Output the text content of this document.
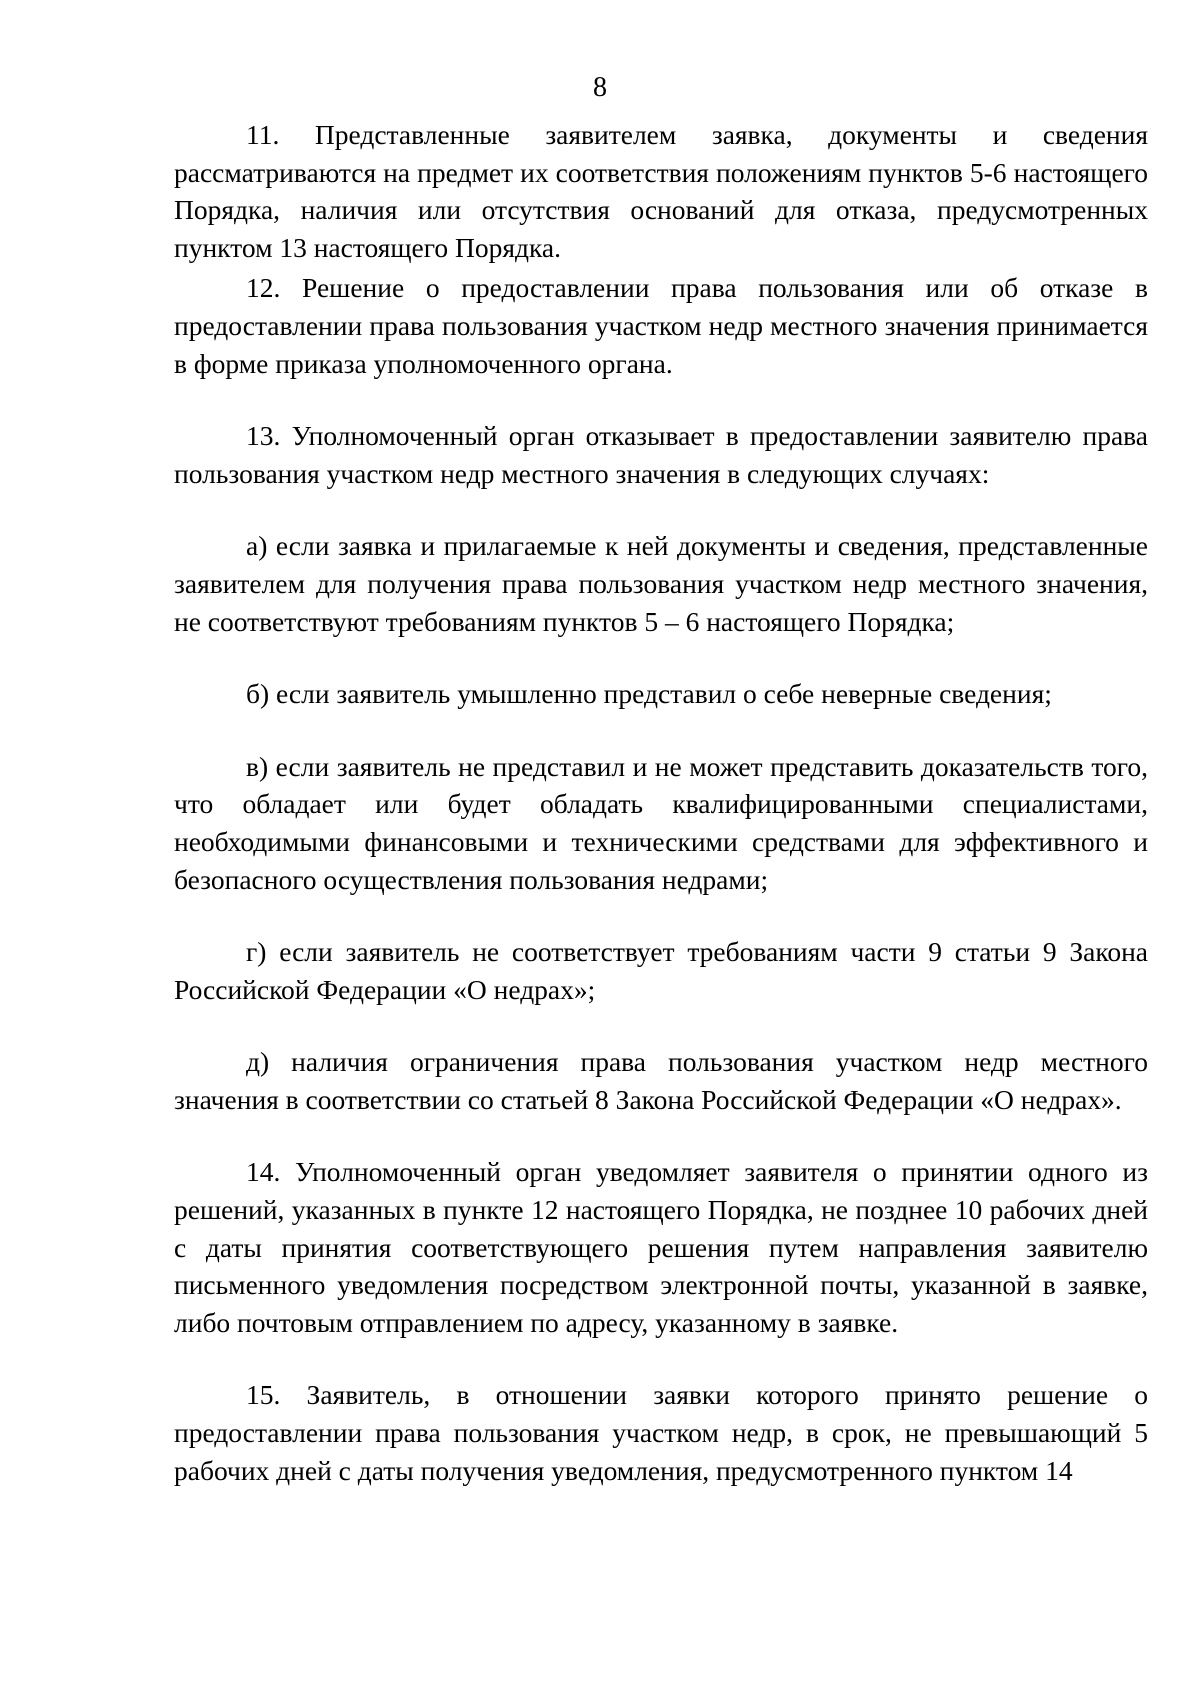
8

11. Представленные заявителем заявка, документы и сведения рассматриваются на предмет их соответствия положениям пунктов 5-6 настоящего Порядка, наличия или отсутствия оснований для отказа, предусмотренных пунктом 13 настоящего Порядка.

12. Решение о предоставлении права пользования или об отказе в предоставлении права пользования участком недр местного значения принимается в форме приказа уполномоченного органа.

13. Уполномоченный орган отказывает в предоставлении заявителю права пользования участком недр местного значения в следующих случаях:

а) если заявка и прилагаемые к ней документы и сведения, представленные заявителем для получения права пользования участком недр местного значения, не соответствуют требованиям пунктов 5 – 6 настоящего Порядка;

б) если заявитель умышленно представил о себе неверные сведения;

в) если заявитель не представил и не может представить доказательств того, что обладает или будет обладать квалифицированными специалистами, необходимыми финансовыми и техническими средствами для эффективного и безопасного осуществления пользования недрами;

г) если заявитель не соответствует требованиям части 9 статьи 9 Закона Российской Федерации «О недрах»;

д) наличия ограничения права пользования участком недр местного значения в соответствии со статьей 8 Закона Российской Федерации «О недрах».

14. Уполномоченный орган уведомляет заявителя о принятии одного из решений, указанных в пункте 12 настоящего Порядка, не позднее 10 рабочих дней с даты принятия соответствующего решения путем направления заявителю письменного уведомления посредством электронной почты, указанной в заявке, либо почтовым отправлением по адресу, указанному в заявке.

15. Заявитель, в отношении заявки которого принято решение о предоставлении права пользования участком недр, в срок, не превышающий 5 рабочих дней с даты получения уведомления, предусмотренного пунктом 14
